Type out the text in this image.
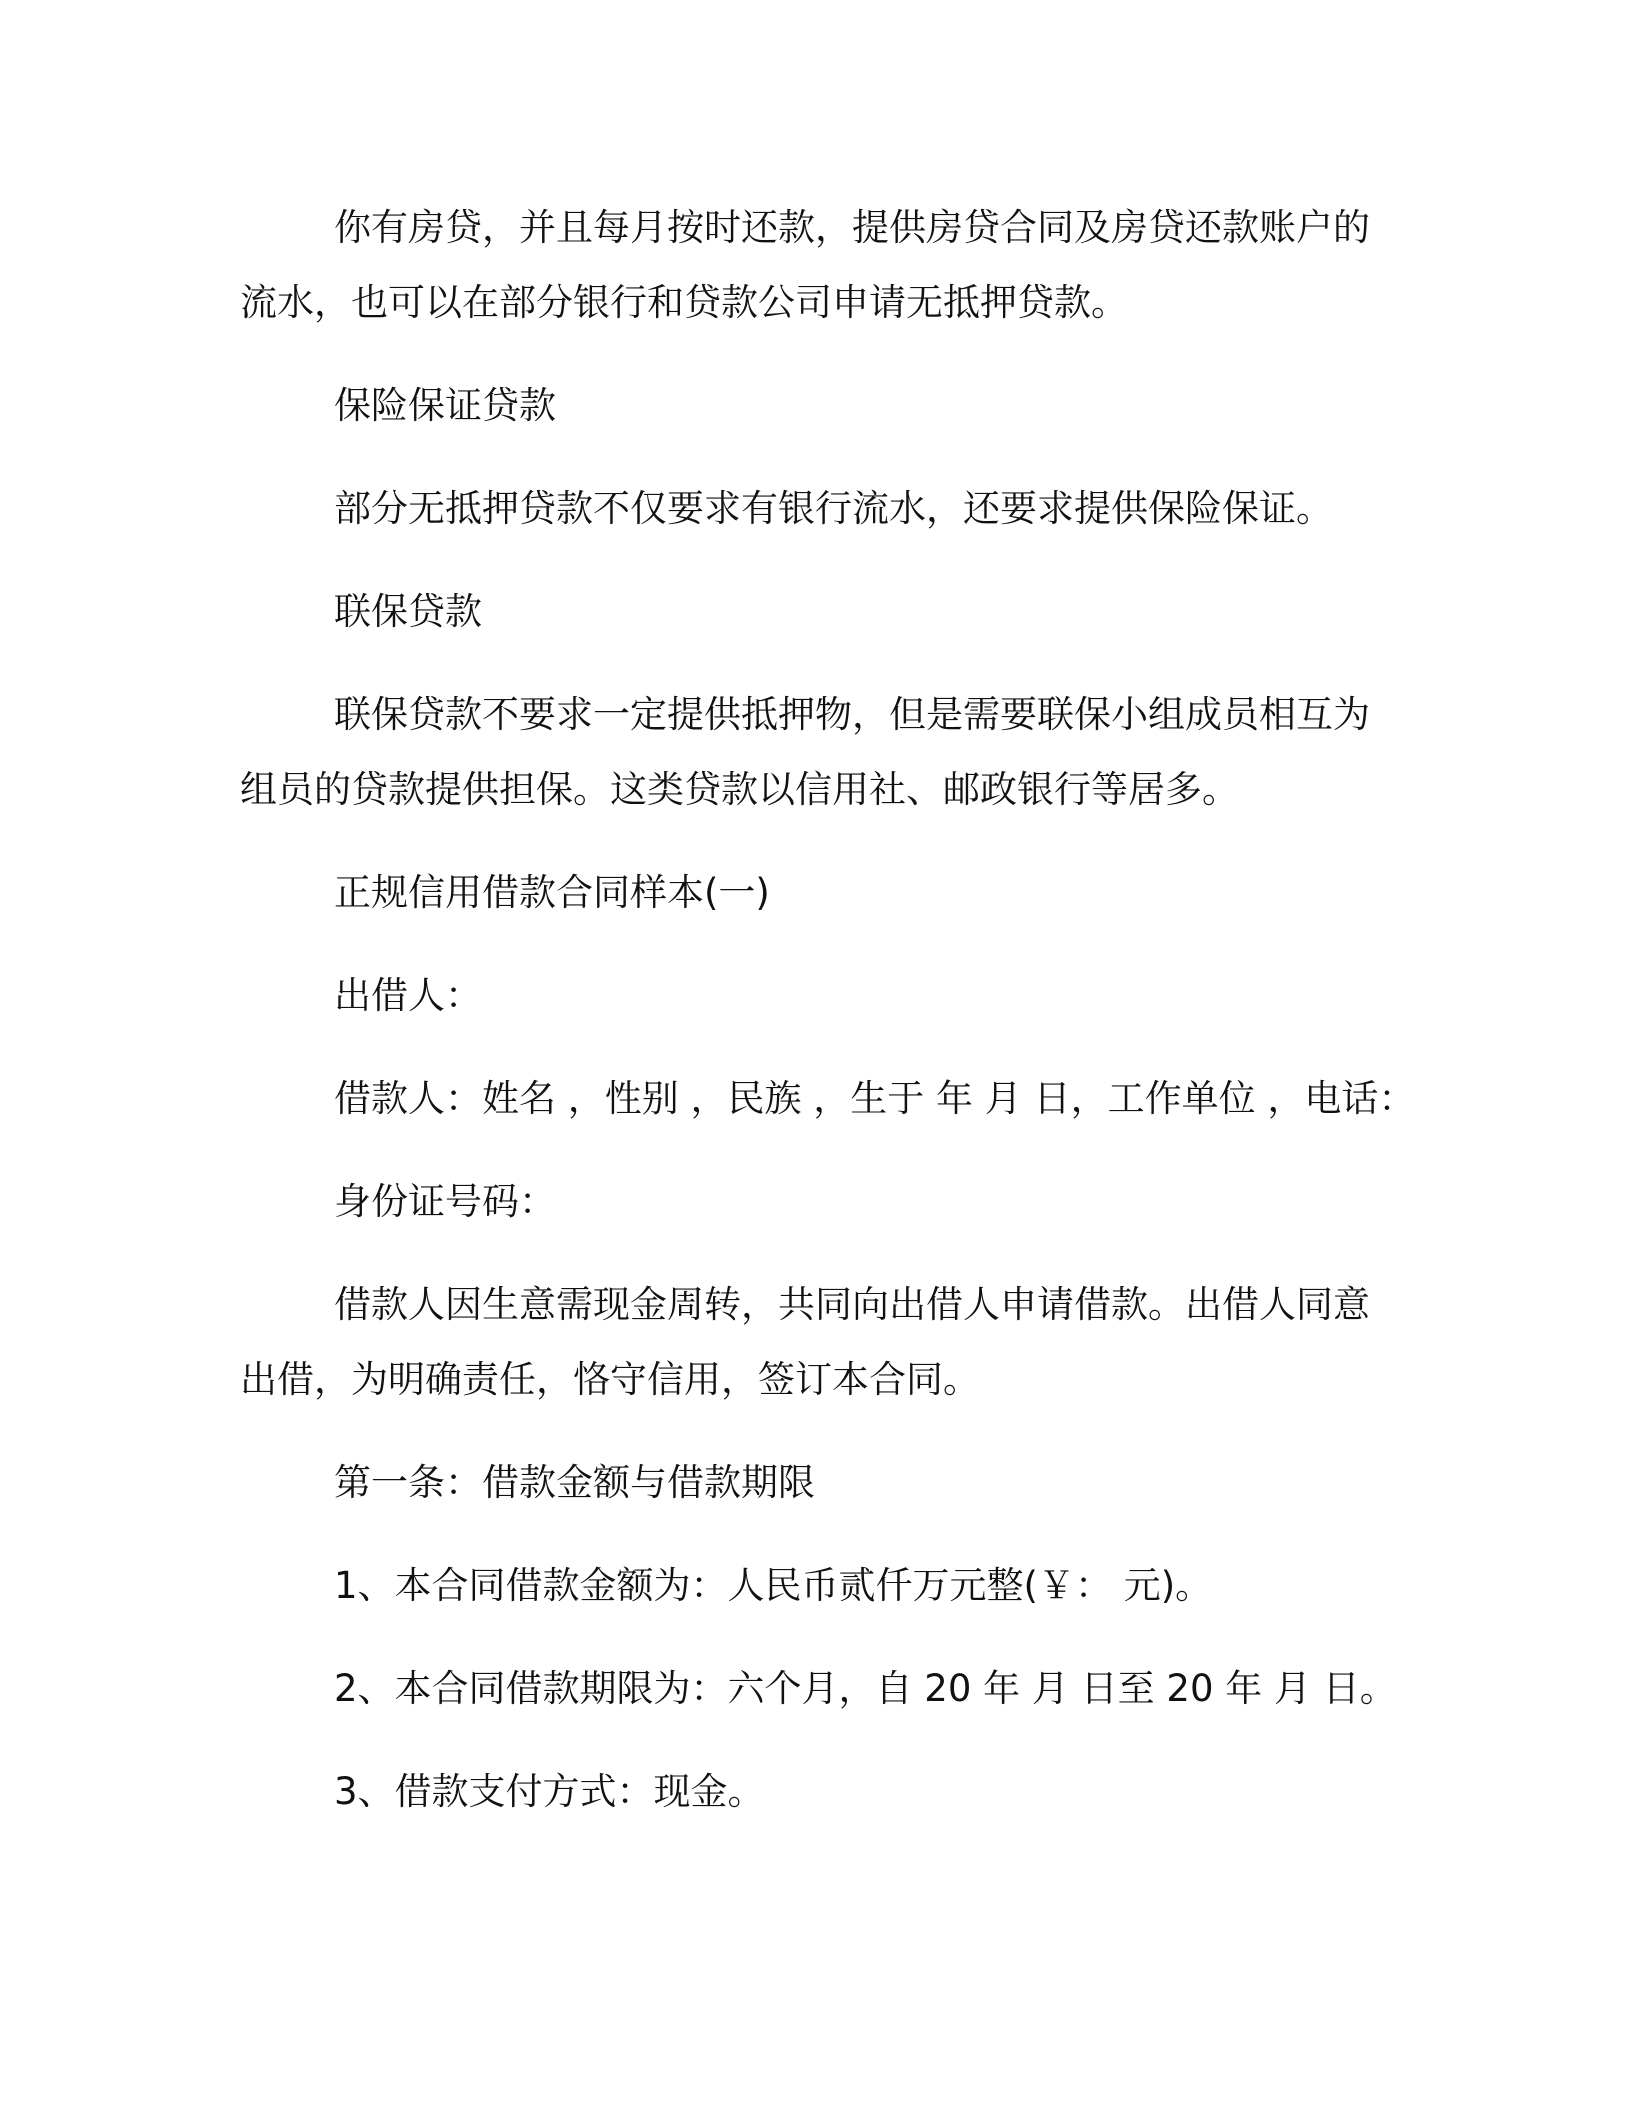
你有房贷，并且每月按时还款，提供房贷合同及房贷还款账户的
流水，也可以在部分银行和贷款公司申请无抵押贷款。
保险保证贷款
部分无抵押贷款不仅要求有银行流水，还要求提供保险保证。
联保贷款
联保贷款不要求一定提供抵押物，但是需要联保小组成员相互为
组员的贷款提供担保。这类贷款以信用社、邮政银行等居多。
正规信用借款合同样本(一)
出借人：
借款人：姓名 ，性别 ，民族 ，生于 年 月 日，工作单位 ，电话：
身份证号码：
借款人因生意需现金周转，共同向出借人申请借款。出借人同意
出借，为明确责任，恪守信用，签订本合同。
第一条：借款金额与借款期限
1、本合同借款金额为：人民币贰仟万元整(￥： 元)。
2、本合同借款期限为：六个月，自 20 年 月 日至 20 年 月 日。
3、借款支付方式：现金。
